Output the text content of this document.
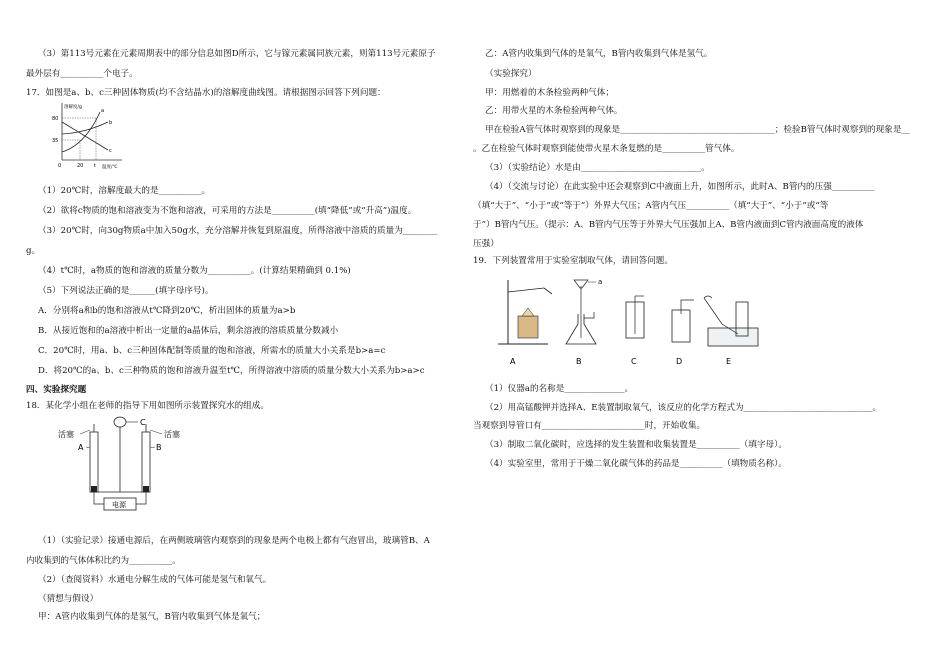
（3）第113号元素在元素周期表中的部分信息如图D所示，它与镓元素属同族元素，则第113号元素原子
最外层有__________个电子。
17．如图是a、b、c三种固体物质(均不含结晶水)的溶解度曲线图。请根据图示回答下列问题：
溶解度/g
温度/℃
80
35
0	20 t
a
b
c
（1）20℃时，溶解度最大的是__________。
（2）欲将c物质的饱和溶液变为不饱和溶液，可采用的方法是__________(填“降低”或“升高”)温度。
（3）20℃时，向30g物质a中加入50g水，充分溶解并恢复到原温度，所得溶液中溶质的质量为________
g。
（4）t℃时，a物质的饱和溶液的质量分数为__________。(计算结果精确到 0.1%)
（5）下列说法正确的是______(填字母序号)。
A．分别将a和b的饱和溶液从t℃降到20℃，析出固体的质量为a>b
B．从接近饱和的a溶液中析出一定量的a晶体后，剩余溶液的溶质质量分数减小
C．20℃时，用a、b、c三种固体配制等质量的饱和溶液，所需水的质量大小关系是b>a=c
D．将20℃的a、b、c三种物质的饱和溶液升温至t℃，所得溶液中溶质的质量分数大小关系为b>a>c
四、实验探究题
18．某化学小组在老师的指导下用如图所示装置探究水的组成。
C
活塞	活塞
A	B
电源
（1）（实验记录）接通电源后，在两侧玻璃管内观察到的现象是两个电极上都有气泡冒出，玻璃管B、A
内收集到的气体体积比约为__________。
（2）（查阅资料）水通电分解生成的气体可能是氢气和氧气。
（猜想与假设）
甲：A管内收集到气体的是氢气，B管内收集到气体是氧气；
乙：A管内收集到气体的是氧气，B管内收集到气体是氢气。
（实验探究）
甲：用燃着的木条检验两种气体；
乙：用带火星的木条检验两种气体。
甲在检验A管气体时观察到的现象是____________________________________；检验B管气体时观察到的现象是__
。乙在检验气体时观察到能使带火星木条复燃的是__________管气体。
（3）（实验结论）水是由____________________________。
（4）（交流与讨论）在此实验中还会观察到C中液面上升，如图所示，此时A、B管内的压强__________
（填“大于”、“小于”或“等于”）外界大气压；A管内气压__________（填“大于”、“小于”或“等
于”）B管内气压。（提示：A、B管内气压等于外界大气压强加上A、B管内液面到C管内液面高度的液体
压强）
19．下列装置常用于实验室制取气体，请回答问题。
A
a
B	C	D	E
（1）仪器a的名称是______________。
（2）用高锰酸钾并选择A、E装置制取氧气，该反应的化学方程式为______________________________。
当观察到导管口有________________________时，开始收集。
（3）制取二氧化碳时，应选择的发生装置和收集装置是__________（填字母）。
（4）实验室里，常用于干燥二氧化碳气体的药品是__________（填物质名称）。
